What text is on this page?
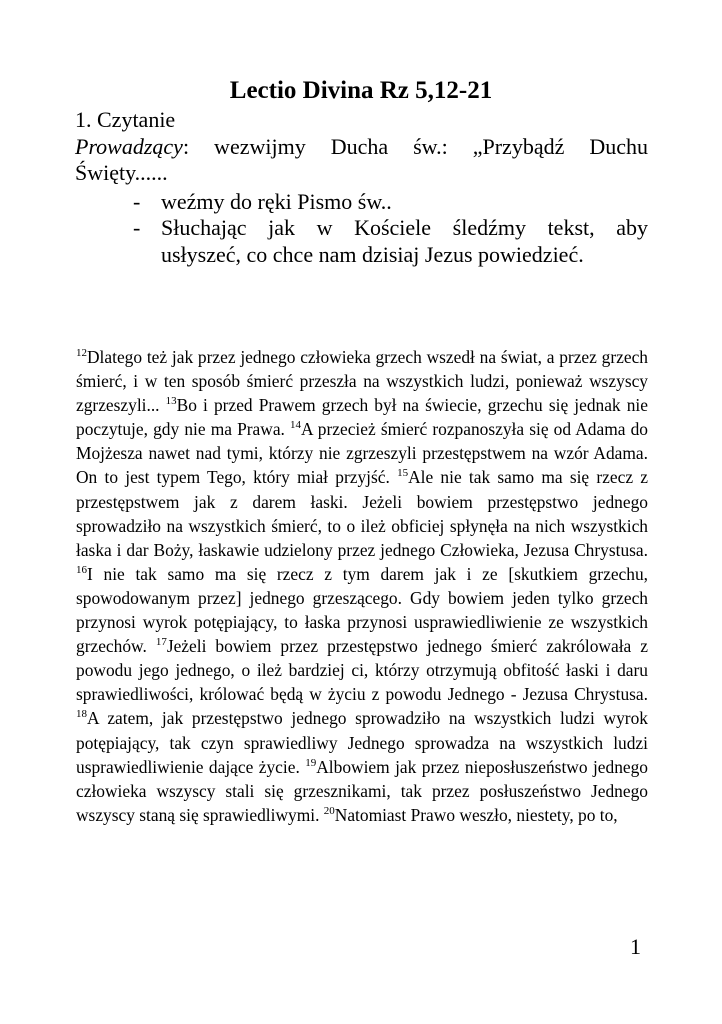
Lectio Divina Rz 5,12-21
1. Czytanie
Prowadzący: wezwijmy Ducha św.: „Przybądź Duchu Święty......
- weźmy do ręki Pismo św..
- Słuchając jak w Kościele śledźmy tekst, aby
usłyszeć, co chce nam dzisiaj Jezus powiedzieć.

$^{12}$Dlatego też jak przez jednego człowieka grzech wszedł na świat, a przez grzech śmierć, i w ten sposób śmierć przeszła na wszystkich ludzi, ponieważ wszyscy zgrzeszyli... $^{13}$Bo i przed Prawem grzech był na świecie, grzechu się jednak nie poczytuje, gdy nie ma Prawa. $^{14}$A przecież śmierć rozpanoszyła się od Adama do Mojżesza nawet nad tymi, którzy nie zgrzeszyli przestępstwem na wzór Adama. On to jest typem Tego, który miał przyjść. $^{15}$Ale nie tak samo ma się rzecz z przestępstwem jak z darem łaski. Jeżeli bowiem przestępstwo jednego sprowadziło na wszystkich śmierć, to o ileż obficiej spłynęła na nich wszystkich łaska i dar Boży, łaskawie udzielony przez jednego Człowieka, Jezusa Chrystusa. $^{16}$I nie tak samo ma się rzecz z tym darem jak i ze [skutkiem grzechu, spowodowanym przez] jednego grzeszącego. Gdy bowiem jeden tylko grzech przynosi wyrok potępiający, to łaska przynosi usprawiedliwienie ze wszystkich grzechów. $^{17}$Jeżeli bowiem przez przestępstwo jednego śmierć zakrólowała z powodu jego jednego, o ileż bardziej ci, którzy otrzymują obfitość łaski i daru sprawiedliwości, królować będą w życiu z powodu Jednego - Jezusa Chrystusa. $^{18}$A zatem, jak przestępstwo jednego sprowadziło na wszystkich ludzi wyrok potępiający, tak czyn sprawiedliwy Jednego sprowadza na wszystkich ludzi usprawiedliwienie dające życie. $^{19}$Albowiem jak przez nieposłuszeństwo jednego człowieka wszyscy stali się grzesznikami, tak przez posłuszeństwo Jednego wszyscy staną się sprawiedliwymi. $^{20}$Natomiast Prawo weszło, niestety, po to,

1
